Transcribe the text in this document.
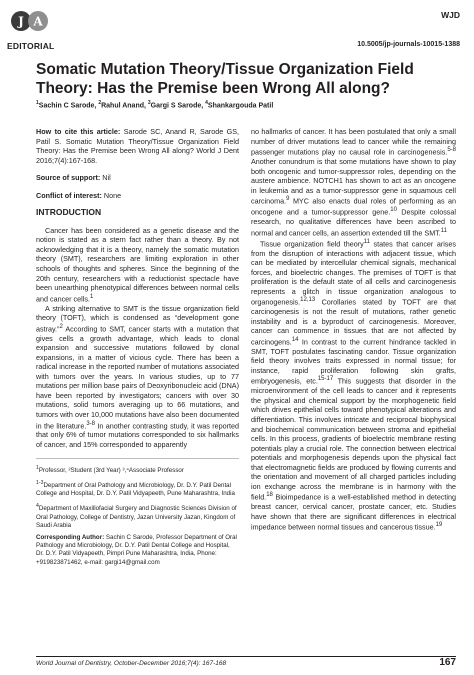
WJD
J A
EDITORIAL	10.5005/jp-journals-10015-1388
Somatic Mutation Theory/Tissue Organization Field Theory: Has the Premise been Wrong All along?
$^1$Sachin C Sarode, $^2$Rahul Anand, $^3$Gargi S Sarode, $^4$Shankargouda Patil

How to cite this article: Sarode SC, Anand R, Sarode GS, Patil S. Somatic Mutation Theory/Tissue Organization Field Theory: Has the Premise been Wrong All along? World J Dent 2016;7(4):167-168.

Source of support: Nil

Conflict of interest: None

INTRODUCTION

Cancer has been considered as a genetic disease and the notion is stated as a stern fact rather than a theory. By not acknowledging that it is a theory, namely the somatic mutation theory (SMT), researchers are limiting exploration in other schools of thoughts and spheres. Since the beginning of the 20th century, researchers with a reductionist spectacle have been unearthing phenotypical differences between normal cells and cancer cells.$^1$

A striking alternative to SMT is the tissue organization field theory (TOFT), which is condensed as “development gone astray.”$^2$ According to SMT, cancer starts with a mutation that gives cells a growth advantage, which leads to clonal expansion and successive mutations followed by clonal expansions, in a matter of vicious cycle. There has been a radical increase in the reported number of mutations associated with tumors over the years. In various studies, up to 77 mutations per million base pairs of Deoxyribonucleic acid (DNA) have been reported by investigators; cancers with over 30 mutations, solid tumors averaging up to 66 mutations, and tumors with over 10,000 mutations have also been documented in the literature.$^{3-8}$ In another contrasting study, it was reported that only 6% of tumor mutations corresponded to six hallmarks of cancer, and 15% corresponded to apparently

$^1$Professor, ²Student (3rd Year) ³,⁴Associate Professor

$^{1-3}$Department of Oral Pathology and Microbiology, Dr. D.Y. Patil Dental College and Hospital, Dr. D.Y. Patil Vidyapeeth, Pune Maharashtra, India

$^4$Department of Maxillofacial Surgery and Diagnostic Sciences Division of Oral Pathology, College of Dentistry, Jazan University Jazan, Kingdom of Saudi Arabia

Corresponding Author: Sachin C Sarode, Professor Department of Oral Pathology and Microbiology, Dr. D.Y. Patil Dental College and Hospital, Dr. D.Y. Patil Vidyapeeth, Pimpri Pune Maharashtra, India, Phone: +919823871462, e-mail: gargi14@gmail.com

no hallmarks of cancer. It has been postulated that only a small number of driver mutations lead to cancer while the remaining passenger mutations play no causal role in carcinogenesis.$^{5-8}$ Another conundrum is that some mutations have shown to play both oncogenic and tumor-suppressor roles, depending on the austere ambience. NOTCH1 has shown to act as an oncogene in leukemia and as a tumor-suppressor gene in squamous cell carcinoma.$^9$ MYC also enacts dual roles of performing as an oncogene and a tumor-suppressor gene.$^{10}$ Despite colossal research, no qualitative differences have been ascribed to normal and cancer cells, an assertion extended till the SMT.$^{11}$

Tissue organization field theory$^{11}$ states that cancer arises from the disruption of interactions with adjacent tissue, which can be mediated by intercellular chemical signals, mechanical forces, and bioelectric changes. The premises of TOFT is that proliferation is the default state of all cells and carcinogenesis represents a glitch in tissue organization analogous to organogenesis.$^{12,13}$ Corollaries stated by TOFT are that carcinogenesis is not the result of mutations, rather genetic instability and is a byproduct of carcinogenesis. Moreover, cancer can commence in tissues that are not affected by carcinogens.$^{14}$ In contrast to the current hindrance tackled in SMT, TOFT postulates fascinating candor. Tissue organization field theory involves traits expressed in normal tissue; for instance, rapid proliferation following skin grafts, embryogenesis, etc.$^{15-17}$ This suggests that disorder in the microenvironment of the cell leads to cancer and it represents the physical and chemical support by the morphogenetic field which drives epithelial cells toward phenotypical alterations and differentiation. This involves intricate and reciprocal biophysical and biochemical communication between stroma and epithelial cells. In this process, gradients of bioelectric membrane resting potentials play a crucial role. The connection between electrical potentials and morphogenesis depends upon the physical fact that electromagnetic fields are produced by flowing currents and the orientation and movement of all charged particles including ion exchange across the membrane is in harmony with the field.$^{18}$ Bioimpedance is a well-established method in detecting breast cancer, cervical cancer, prostate cancer, etc. Studies have shown that there are significant differences in electrical impedance between normal tissues and cancerous tissue.$^{19}$

World Journal of Dentistry, October-December 2016;7(4): 167-168	167
